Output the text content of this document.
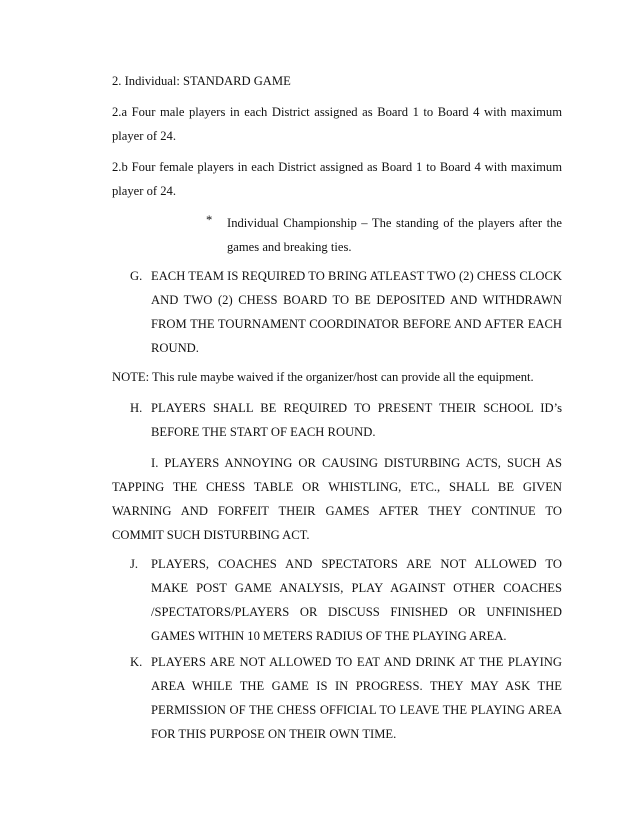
2. Individual: STANDARD GAME
2.a Four male players in each District assigned as Board 1 to Board 4 with maximum
player of 24.
2.b Four female players in each District assigned as Board 1 to Board 4 with maximum
player of 24.
*	Individual Championship – The standing of the players after the
games and breaking ties.
G. EACH TEAM IS REQUIRED TO BRING ATLEAST TWO (2) CHESS CLOCK
AND TWO (2) CHESS BOARD TO BE DEPOSITED AND WITHDRAWN
FROM THE TOURNAMENT COORDINATOR BEFORE AND AFTER EACH
ROUND.
NOTE: This rule maybe waived if the organizer/host can provide all the equipment.
H. PLAYERS SHALL BE REQUIRED TO PRESENT THEIR SCHOOL ID’s
BEFORE THE START OF EACH ROUND.
I. PLAYERS ANNOYING OR CAUSING DISTURBING ACTS, SUCH AS
TAPPING THE CHESS TABLE OR WHISTLING, ETC., SHALL BE GIVEN
WARNING AND FORFEIT THEIR GAMES AFTER THEY CONTINUE TO
COMMIT SUCH DISTURBING ACT.
J. PLAYERS, COACHES AND SPECTATORS ARE NOT ALLOWED TO
MAKE POST GAME ANALYSIS, PLAY AGAINST OTHER COACHES
/SPECTATORS/PLAYERS OR DISCUSS FINISHED OR UNFINISHED
GAMES WITHIN 10 METERS RADIUS OF THE PLAYING AREA.
K. PLAYERS ARE NOT ALLOWED TO EAT AND DRINK AT THE PLAYING
AREA WHILE THE GAME IS IN PROGRESS. THEY MAY ASK THE
PERMISSION OF THE CHESS OFFICIAL TO LEAVE THE PLAYING AREA
FOR THIS PURPOSE ON THEIR OWN TIME.
